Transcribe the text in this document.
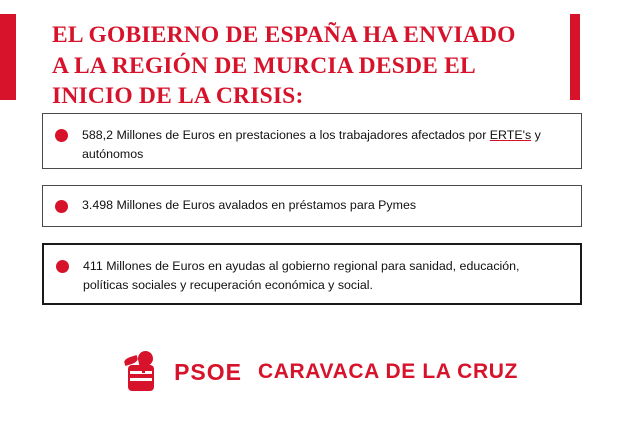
EL GOBIERNO DE ESPAÑA HA ENVIADO
A LA REGIÓN DE MURCIA DESDE EL
INICIO DE LA CRISIS:
588,2 Millones de Euros en prestaciones a los trabajadores afectados por ERTE's y autónomos
3.498 Millones de Euros avalados en préstamos para Pymes
411 Millones de Euros en ayudas al gobierno regional para sanidad, educación, políticas sociales y recuperación económica y social.
PSOE CARAVACA DE LA CRUZ
